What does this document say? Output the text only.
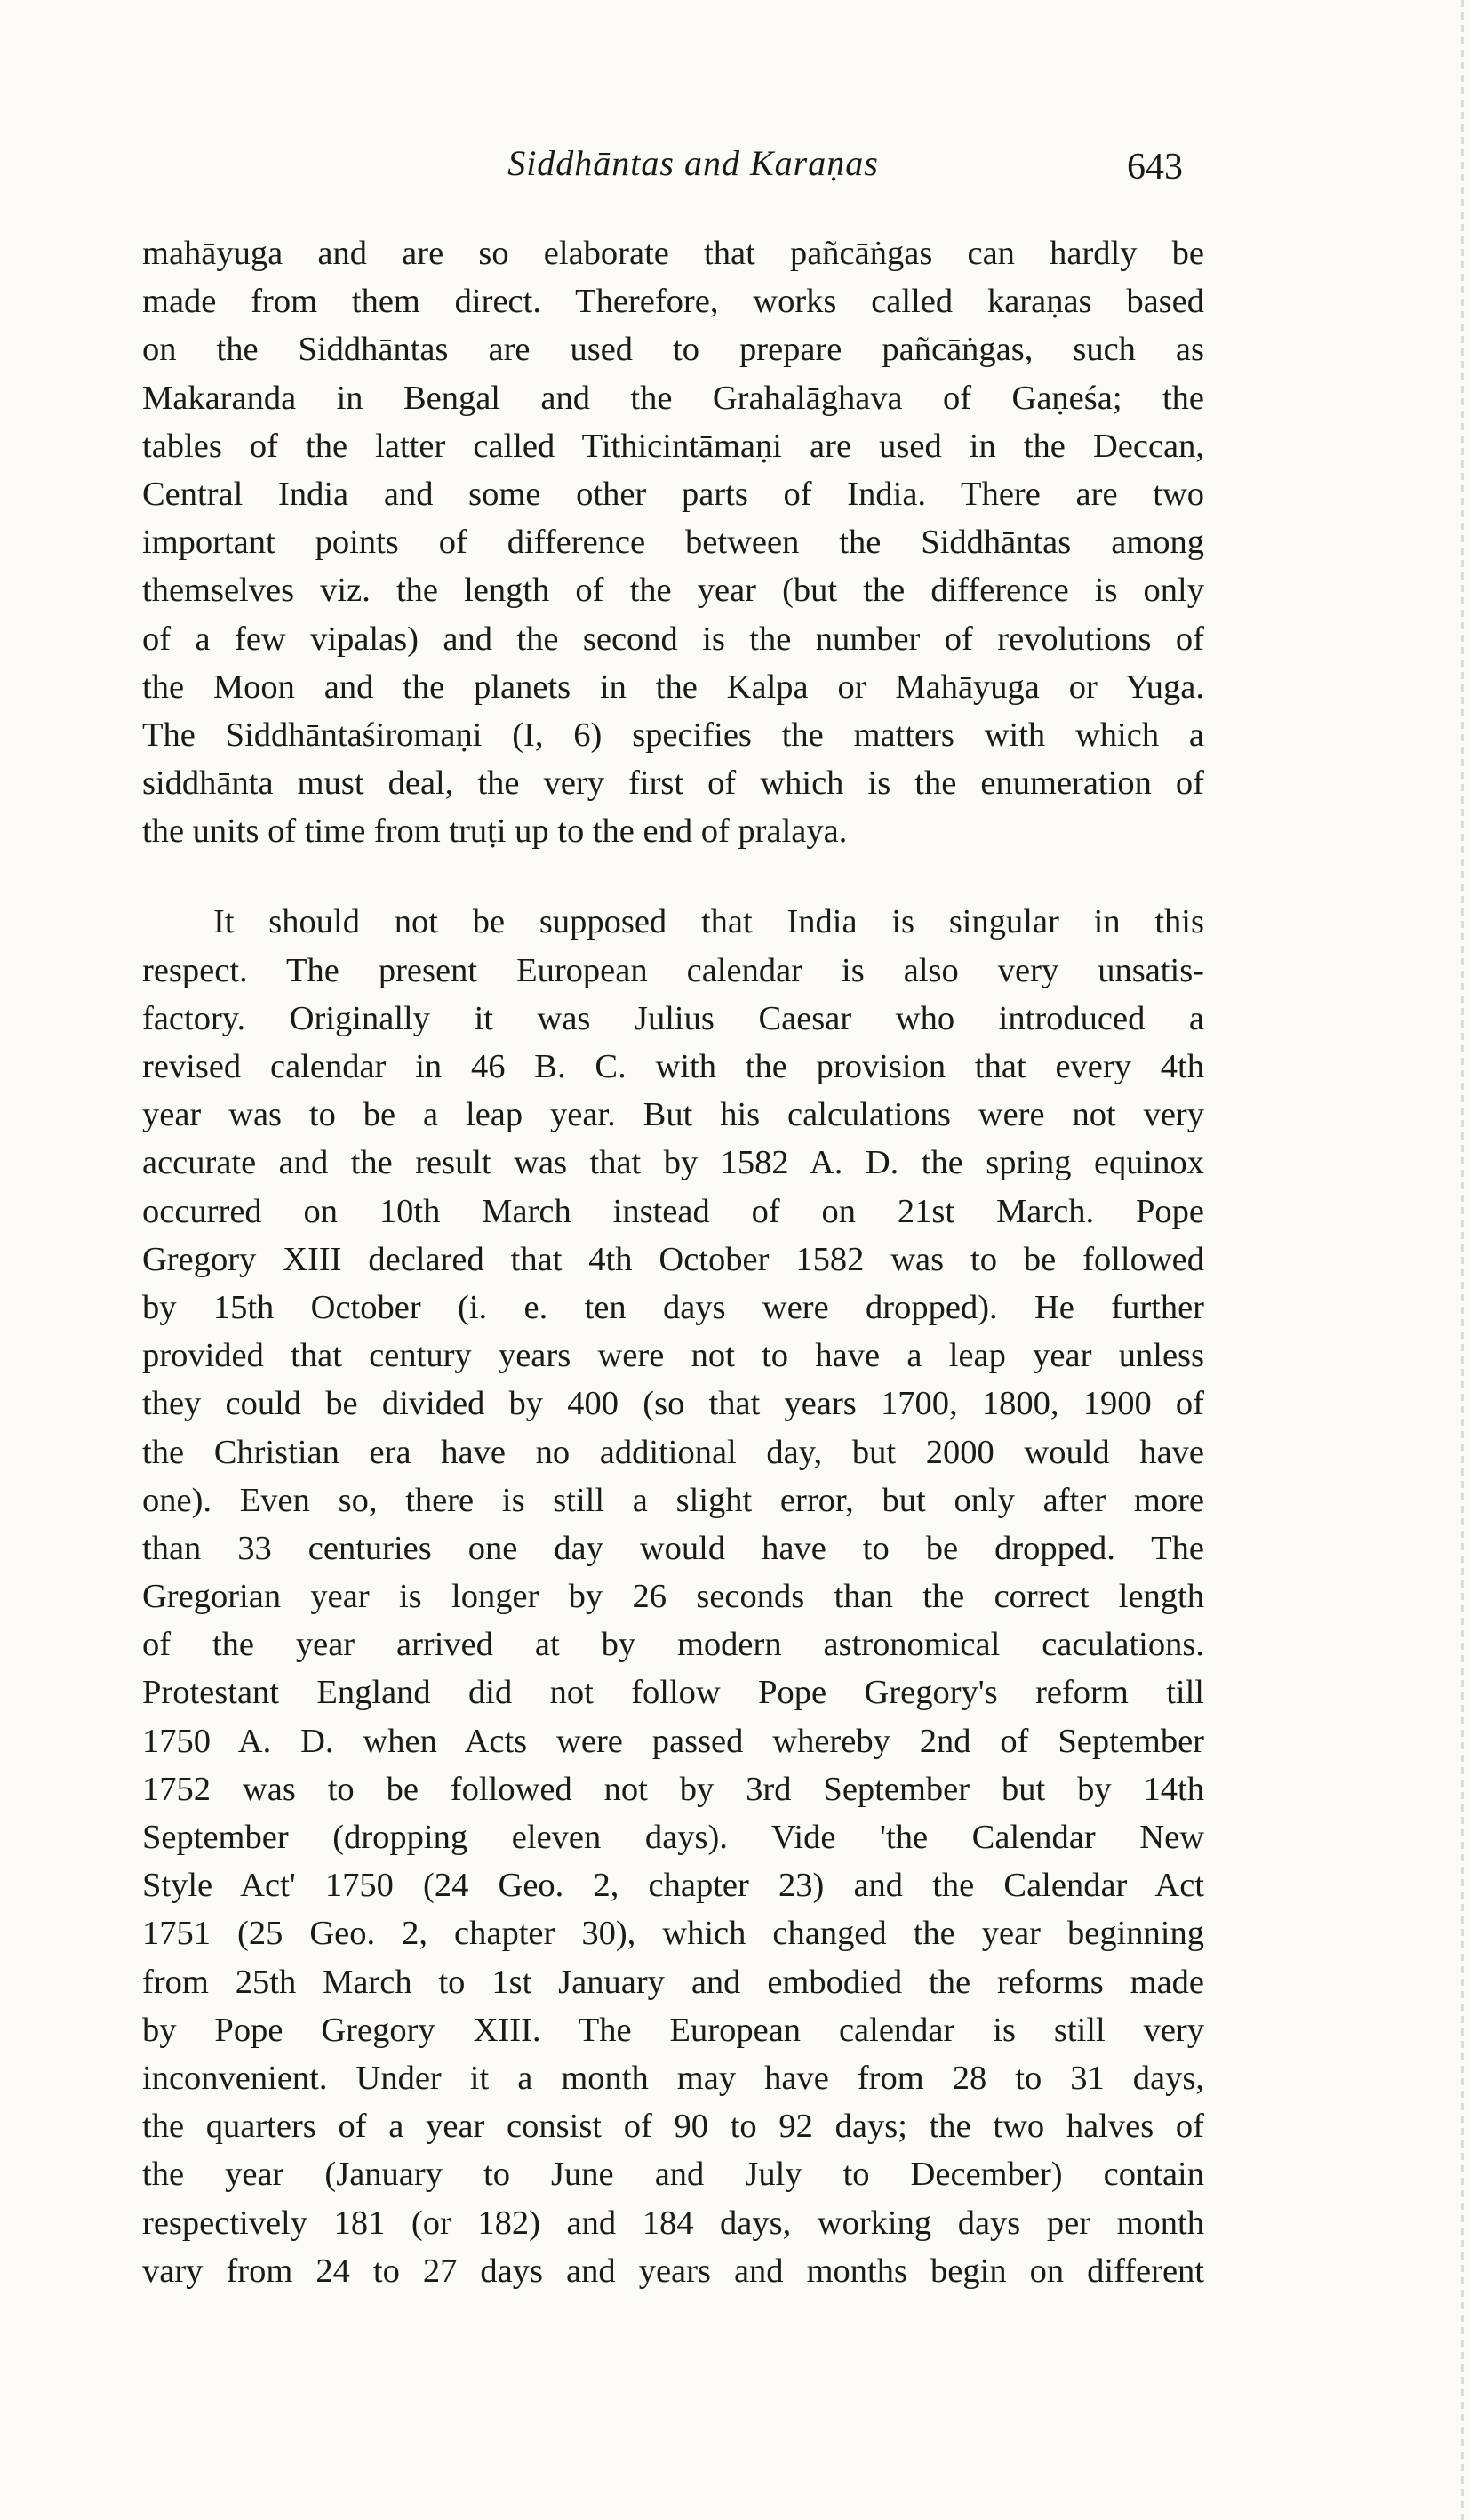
Siddhāntas and Karaṇas	643
mahāyuga and are so elaborate that pañcāṅgas can hardly be
made from them direct. Therefore, works called karaṇas based
on the Siddhāntas are used to prepare pañcāṅgas, such as
Makaranda in Bengal and the Grahalāghava of Gaṇeśa; the
tables of the latter called Tithicintāmaṇi are used in the Deccan,
Central India and some other parts of India. There are two
important points of difference between the Siddhāntas among
themselves viz. the length of the year (but the difference is only
of a few vipalas) and the second is the number of revolutions of
the Moon and the planets in the Kalpa or Mahāyuga or Yuga.
The Siddhāntaśiromaṇi (I, 6) specifies the matters with which a
siddhānta must deal, the very first of which is the enumeration of
the units of time from truṭi up to the end of pralaya.
It should not be supposed that India is singular in this
respect. The present European calendar is also very unsatis-
factory. Originally it was Julius Caesar who introduced a
revised calendar in 46 B. C. with the provision that every 4th
year was to be a leap year. But his calculations were not very
accurate and the result was that by 1582 A. D. the spring equinox
occurred on 10th March instead of on 21st March. Pope
Gregory XIII declared that 4th October 1582 was to be followed
by 15th October (i. e. ten days were dropped). He further
provided that century years were not to have a leap year unless
they could be divided by 400 (so that years 1700, 1800, 1900 of
the Christian era have no additional day, but 2000 would have
one). Even so, there is still a slight error, but only after more
than 33 centuries one day would have to be dropped. The
Gregorian year is longer by 26 seconds than the correct length
of the year arrived at by modern astronomical caculations.
Protestant England did not follow Pope Gregory's reform till
1750 A. D. when Acts were passed whereby 2nd of September
1752 was to be followed not by 3rd September but by 14th
September (dropping eleven days). Vide 'the Calendar New
Style Act' 1750 (24 Geo. 2, chapter 23) and the Calendar Act
1751 (25 Geo. 2, chapter 30), which changed the year beginning
from 25th March to 1st January and embodied the reforms made
by Pope Gregory XIII. The European calendar is still very
inconvenient. Under it a month may have from 28 to 31 days,
the quarters of a year consist of 90 to 92 days; the two halves of
the year (January to June and July to December) contain
respectively 181 (or 182) and 184 days, working days per month
vary from 24 to 27 days and years and months begin on different
